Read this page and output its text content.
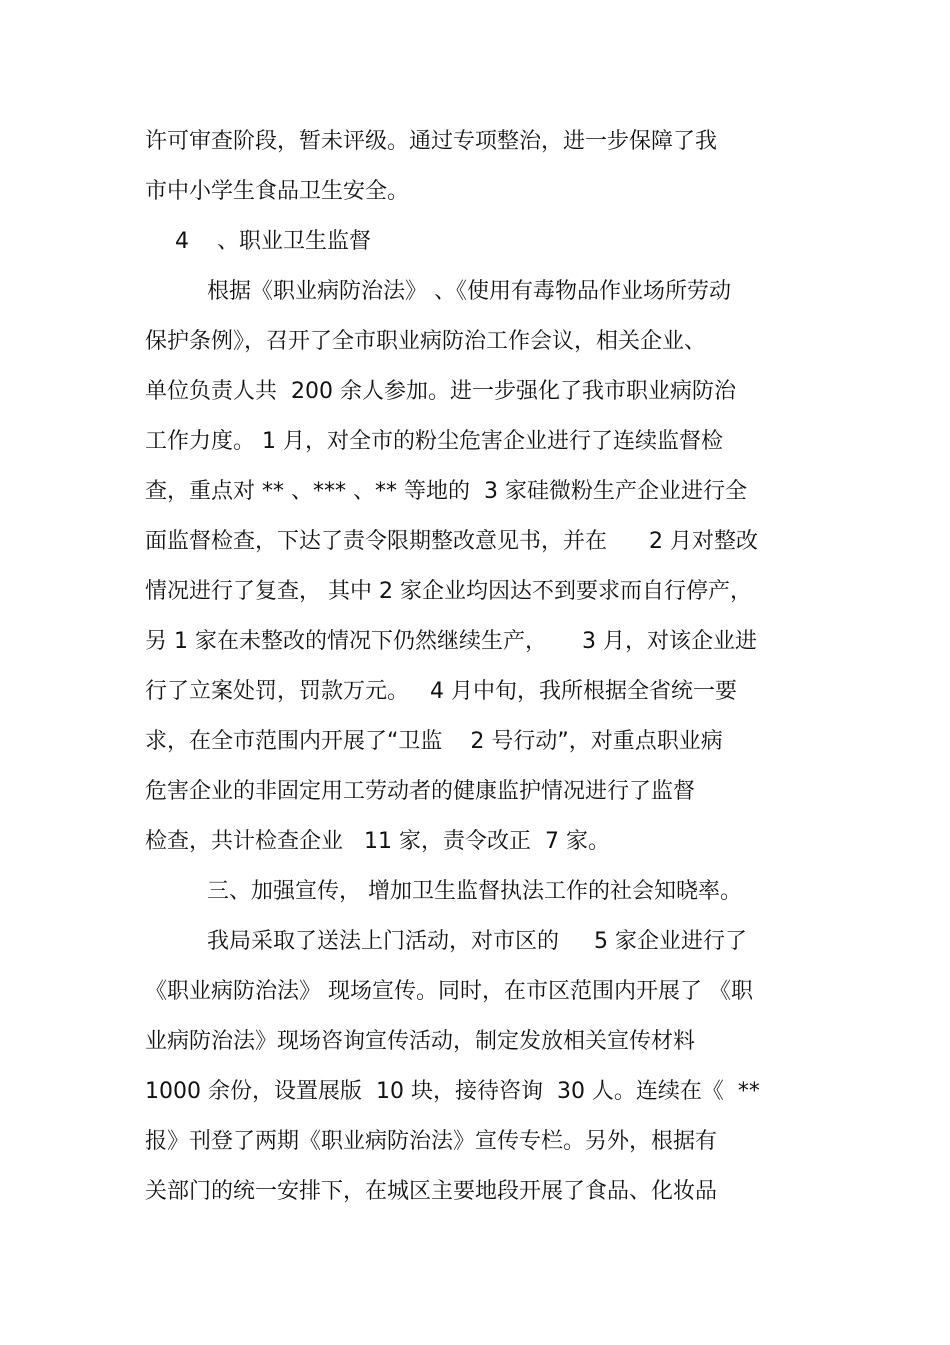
许可审查阶段，暂未评级。通过专项整治，进一步保障了我
市中小学生食品卫生安全。
4    、职业卫生监督
根据《职业病防治法》 、《使用有毒物品作业场所劳动
保护条例》，召开了全市职业病防治工作会议，相关企业、
单位负责人共  200 余人参加。进一步强化了我市职业病防治
工作力度。 1 月，对全市的粉尘危害企业进行了连续监督检
查，重点对 ** 、*** 、** 等地的  3 家硅微粉生产企业进行全
面监督检查，下达了责令限期整改意见书，并在      2 月对整改
情况进行了复查， 其中 2 家企业均因达不到要求而自行停产，
另 1 家在未整改的情况下仍然继续生产，     3 月，对该企业进
行了立案处罚，罚款万元。   4 月中旬，我所根据全省统一要
求，在全市范围内开展了“卫监    2 号行动”，对重点职业病
危害企业的非固定用工劳动者的健康监护情况进行了监督
检查，共计检查企业   11 家，责令改正  7 家。
三、加强宣传， 增加卫生监督执法工作的社会知晓率。
我局采取了送法上门活动，对市区的     5 家企业进行了
《职业病防治法》 现场宣传。同时，在市区范围内开展了 《职
业病防治法》现场咨询宣传活动，制定发放相关宣传材料
1000 余份，设置展版  10 块，接待咨询  30 人。连续在《  **
报》刊登了两期《职业病防治法》宣传专栏。另外，根据有
关部门的统一安排下，在城区主要地段开展了食品、化妆品
